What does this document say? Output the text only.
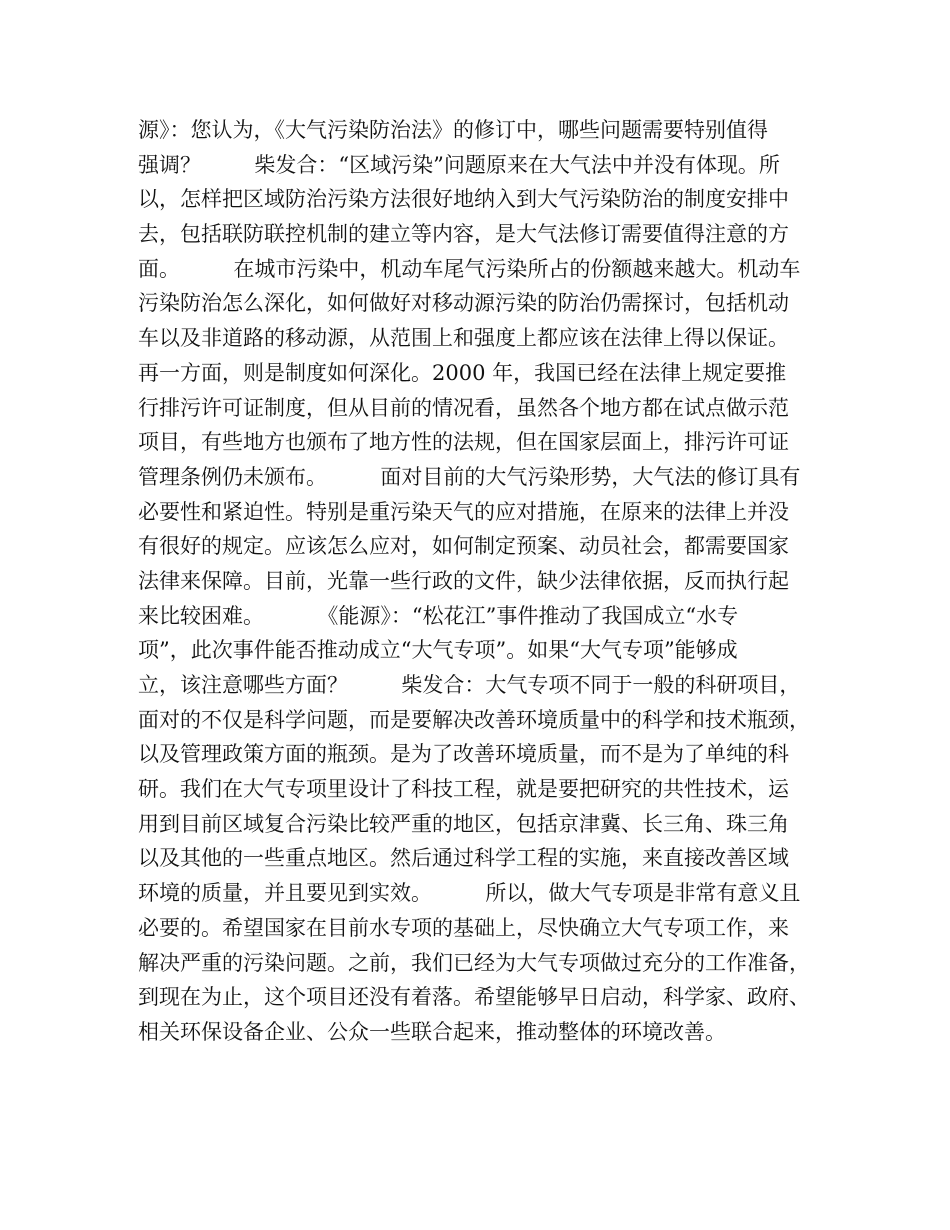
源》：您认为，《大气污染防治法》的修订中，哪些问题需要特别值得
强调？        柴发合：“区域污染”问题原来在大气法中并没有体现。所
以，怎样把区域防治污染方法很好地纳入到大气污染防治的制度安排中
去，包括联防联控机制的建立等内容，是大气法修订需要值得注意的方
面。        在城市污染中，机动车尾气污染所占的份额越来越大。机动车
污染防治怎么深化，如何做好对移动源污染的防治仍需探讨，包括机动
车以及非道路的移动源，从范围上和强度上都应该在法律上得以保证。
再一方面，则是制度如何深化。2000 年，我国已经在法律上规定要推
行排污许可证制度，但从目前的情况看，虽然各个地方都在试点做示范
项目，有些地方也颁布了地方性的法规，但在国家层面上，排污许可证
管理条例仍未颁布。        面对目前的大气污染形势，大气法的修订具有
必要性和紧迫性。特别是重污染天气的应对措施，在原来的法律上并没
有很好的规定。应该怎么应对，如何制定预案、动员社会，都需要国家
法律来保障。目前，光靠一些行政的文件，缺少法律依据，反而执行起
来比较困难。        《能源》：“松花江”事件推动了我国成立“水专
项”，此次事件能否推动成立“大气专项”。如果“大气专项”能够成
立，该注意哪些方面？        柴发合：大气专项不同于一般的科研项目，
面对的不仅是科学问题，而是要解决改善环境质量中的科学和技术瓶颈，
以及管理政策方面的瓶颈。是为了改善环境质量，而不是为了单纯的科
研。我们在大气专项里设计了科技工程，就是要把研究的共性技术，运
用到目前区域复合污染比较严重的地区，包括京津冀、长三角、珠三角
以及其他的一些重点地区。然后通过科学工程的实施，来直接改善区域
环境的质量，并且要见到实效。        所以，做大气专项是非常有意义且
必要的。希望国家在目前水专项的基础上，尽快确立大气专项工作，来
解决严重的污染问题。之前，我们已经为大气专项做过充分的工作准备，
到现在为止，这个项目还没有着落。希望能够早日启动，科学家、政府、
相关环保设备企业、公众一些联合起来，推动整体的环境改善。
